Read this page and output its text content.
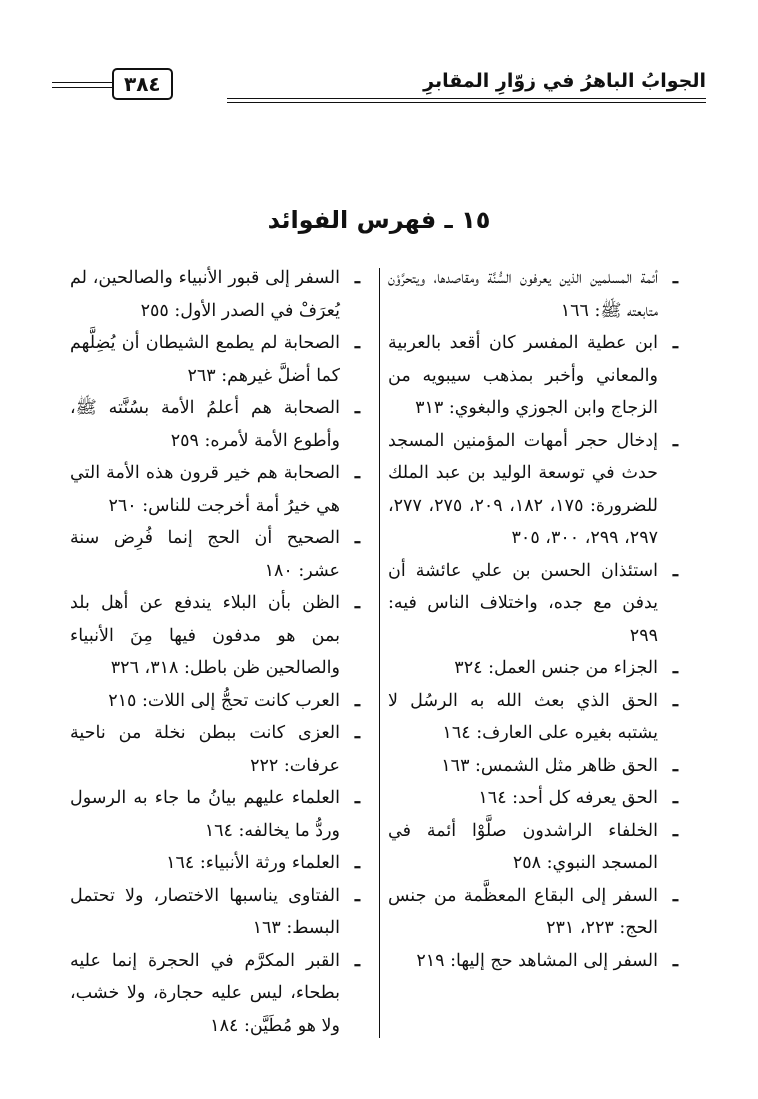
الجوابُ الباهرُ في زوّارِ المقابرِ
٣٨٤
١٥ ـ فهرس الفوائد

ـ
أئمة المسلمين الذين يعرفون السُّنَّة ومقاصدها، ويتحرَّوْن متابعته ﷺ: ١٦٦

ـ
ابن عطية المفسر كان أقعد بالعربية والمعاني وأخبر بمذهب سيبويه من الزجاج وابن الجوزي والبغوي: ٣١٣

ـ
إدخال حجر أمهات المؤمنين المسجد حدث في توسعة الوليد بن عبد الملك للضرورة: ١٧٥، ١٨٢، ٢٠٩، ٢٧٥، ٢٧٧، ٢٩٧، ٢٩٩، ٣٠٠، ٣٠٥

ـ
استئذان الحسن بن علي عائشة أن يدفن مع جده، واختلاف الناس فيه: ٢٩٩

ـ
الجزاء من جنس العمل: ٣٢٤

ـ
الحق الذي بعث الله به الرسُل لا يشتبه بغيره على العارف: ١٦٤

ـ
الحق ظاهر مثل الشمس: ١٦٣

ـ
الحق يعرفه كل أحد: ١٦٤

ـ
الخلفاء الراشدون صلَّوْا أئمة في المسجد النبوي: ٢٥٨

ـ
السفر إلى البقاع المعظَّمة من جنس الحج: ٢٢٣، ٢٣١

ـ
السفر إلى المشاهد حج إليها: ٢١٩

ـ
السفر إلى قبور الأنبياء والصالحين، لم يُعرَفْ في الصدر الأول: ٢٥٥

ـ
الصحابة لم يطمع الشيطان أن يُضِلَّهم كما أضلَّ غيرهم: ٢٦٣

ـ
الصحابة هم أعلمُ الأمة بسُنَّته ﷺ، وأطوع الأمة لأمره: ٢٥٩

ـ
الصحابة هم خير قرون هذه الأمة التي هي خيرُ أمة أخرجت للناس: ٢٦٠

ـ
الصحيح أن الحج إنما فُرِض سنة عشر: ١٨٠

ـ
الظن بأن البلاء يندفع عن أهل بلد بمن هو مدفون فيها مِنَ الأنبياء والصالحين ظن باطل: ٣١٨، ٣٢٦

ـ
العرب كانت تحجُّ إلى اللات: ٢١٥

ـ
العزى كانت ببطن نخلة من ناحية عرفات: ٢٢٢

ـ
العلماء عليهم بيانُ ما جاء به الرسول وردُّ ما يخالفه: ١٦٤

ـ
العلماء ورثة الأنبياء: ١٦٤

ـ
الفتاوى يناسبها الاختصار، ولا تحتمل البسط: ١٦٣

ـ
القبر المكرَّم في الحجرة إنما عليه بطحاء، ليس عليه حجارة، ولا خشب، ولا هو مُطَيَّن: ١٨٤
